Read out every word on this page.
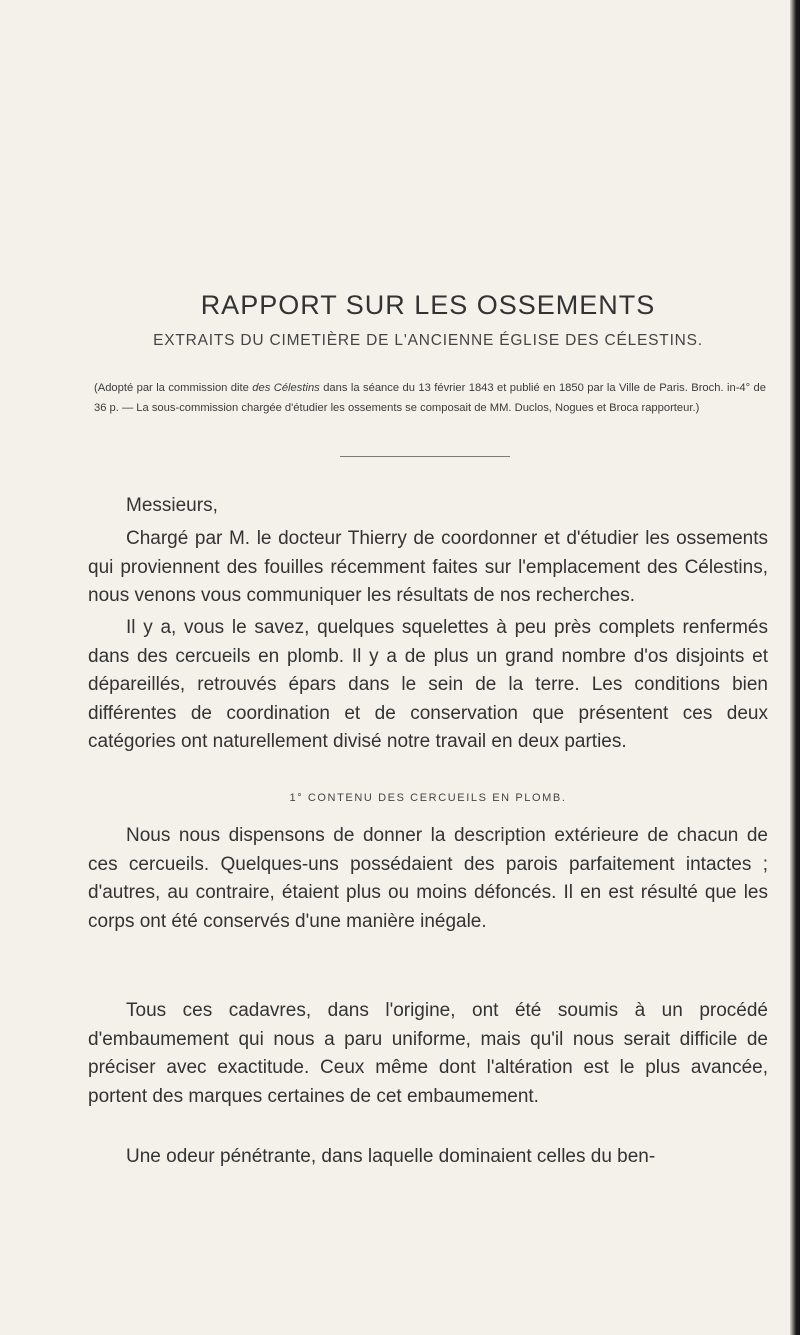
RAPPORT SUR LES OSSEMENTS

EXTRAITS DU CIMETIÈRE DE L'ANCIENNE ÉGLISE DES CÉLESTINS.

(Adopté par la commission dite des Célestins dans la séance du 13 février 1843 et publié en 1850 par la Ville de Paris. Broch. in-4° de 36 p. — La sous-commission chargée d'étudier les ossements se composait de MM. Duclos, Nogues et Broca rapporteur.)

Messieurs,

Chargé par M. le docteur Thierry de coordonner et d'étudier les ossements qui proviennent des fouilles récemment faites sur l'emplacement des Célestins, nous venons vous communiquer les résultats de nos recherches.

Il y a, vous le savez, quelques squelettes à peu près complets renfermés dans des cercueils en plomb. Il y a de plus un grand nombre d'os disjoints et dépareillés, retrouvés épars dans le sein de la terre. Les conditions bien différentes de coordination et de conservation que présentent ces deux catégories ont naturellement divisé notre travail en deux parties.

1° CONTENU DES CERCUEILS EN PLOMB.

Nous nous dispensons de donner la description extérieure de chacun de ces cercueils. Quelques-uns possédaient des parois parfaitement intactes ; d'autres, au contraire, étaient plus ou moins défoncés. Il en est résulté que les corps ont été conservés d'une manière inégale.

Tous ces cadavres, dans l'origine, ont été soumis à un procédé d'embaumement qui nous a paru uniforme, mais qu'il nous serait difficile de préciser avec exactitude. Ceux même dont l'altération est le plus avancée, portent des marques certaines de cet embaumement.

Une odeur pénétrante, dans laquelle dominaient celles du ben-
